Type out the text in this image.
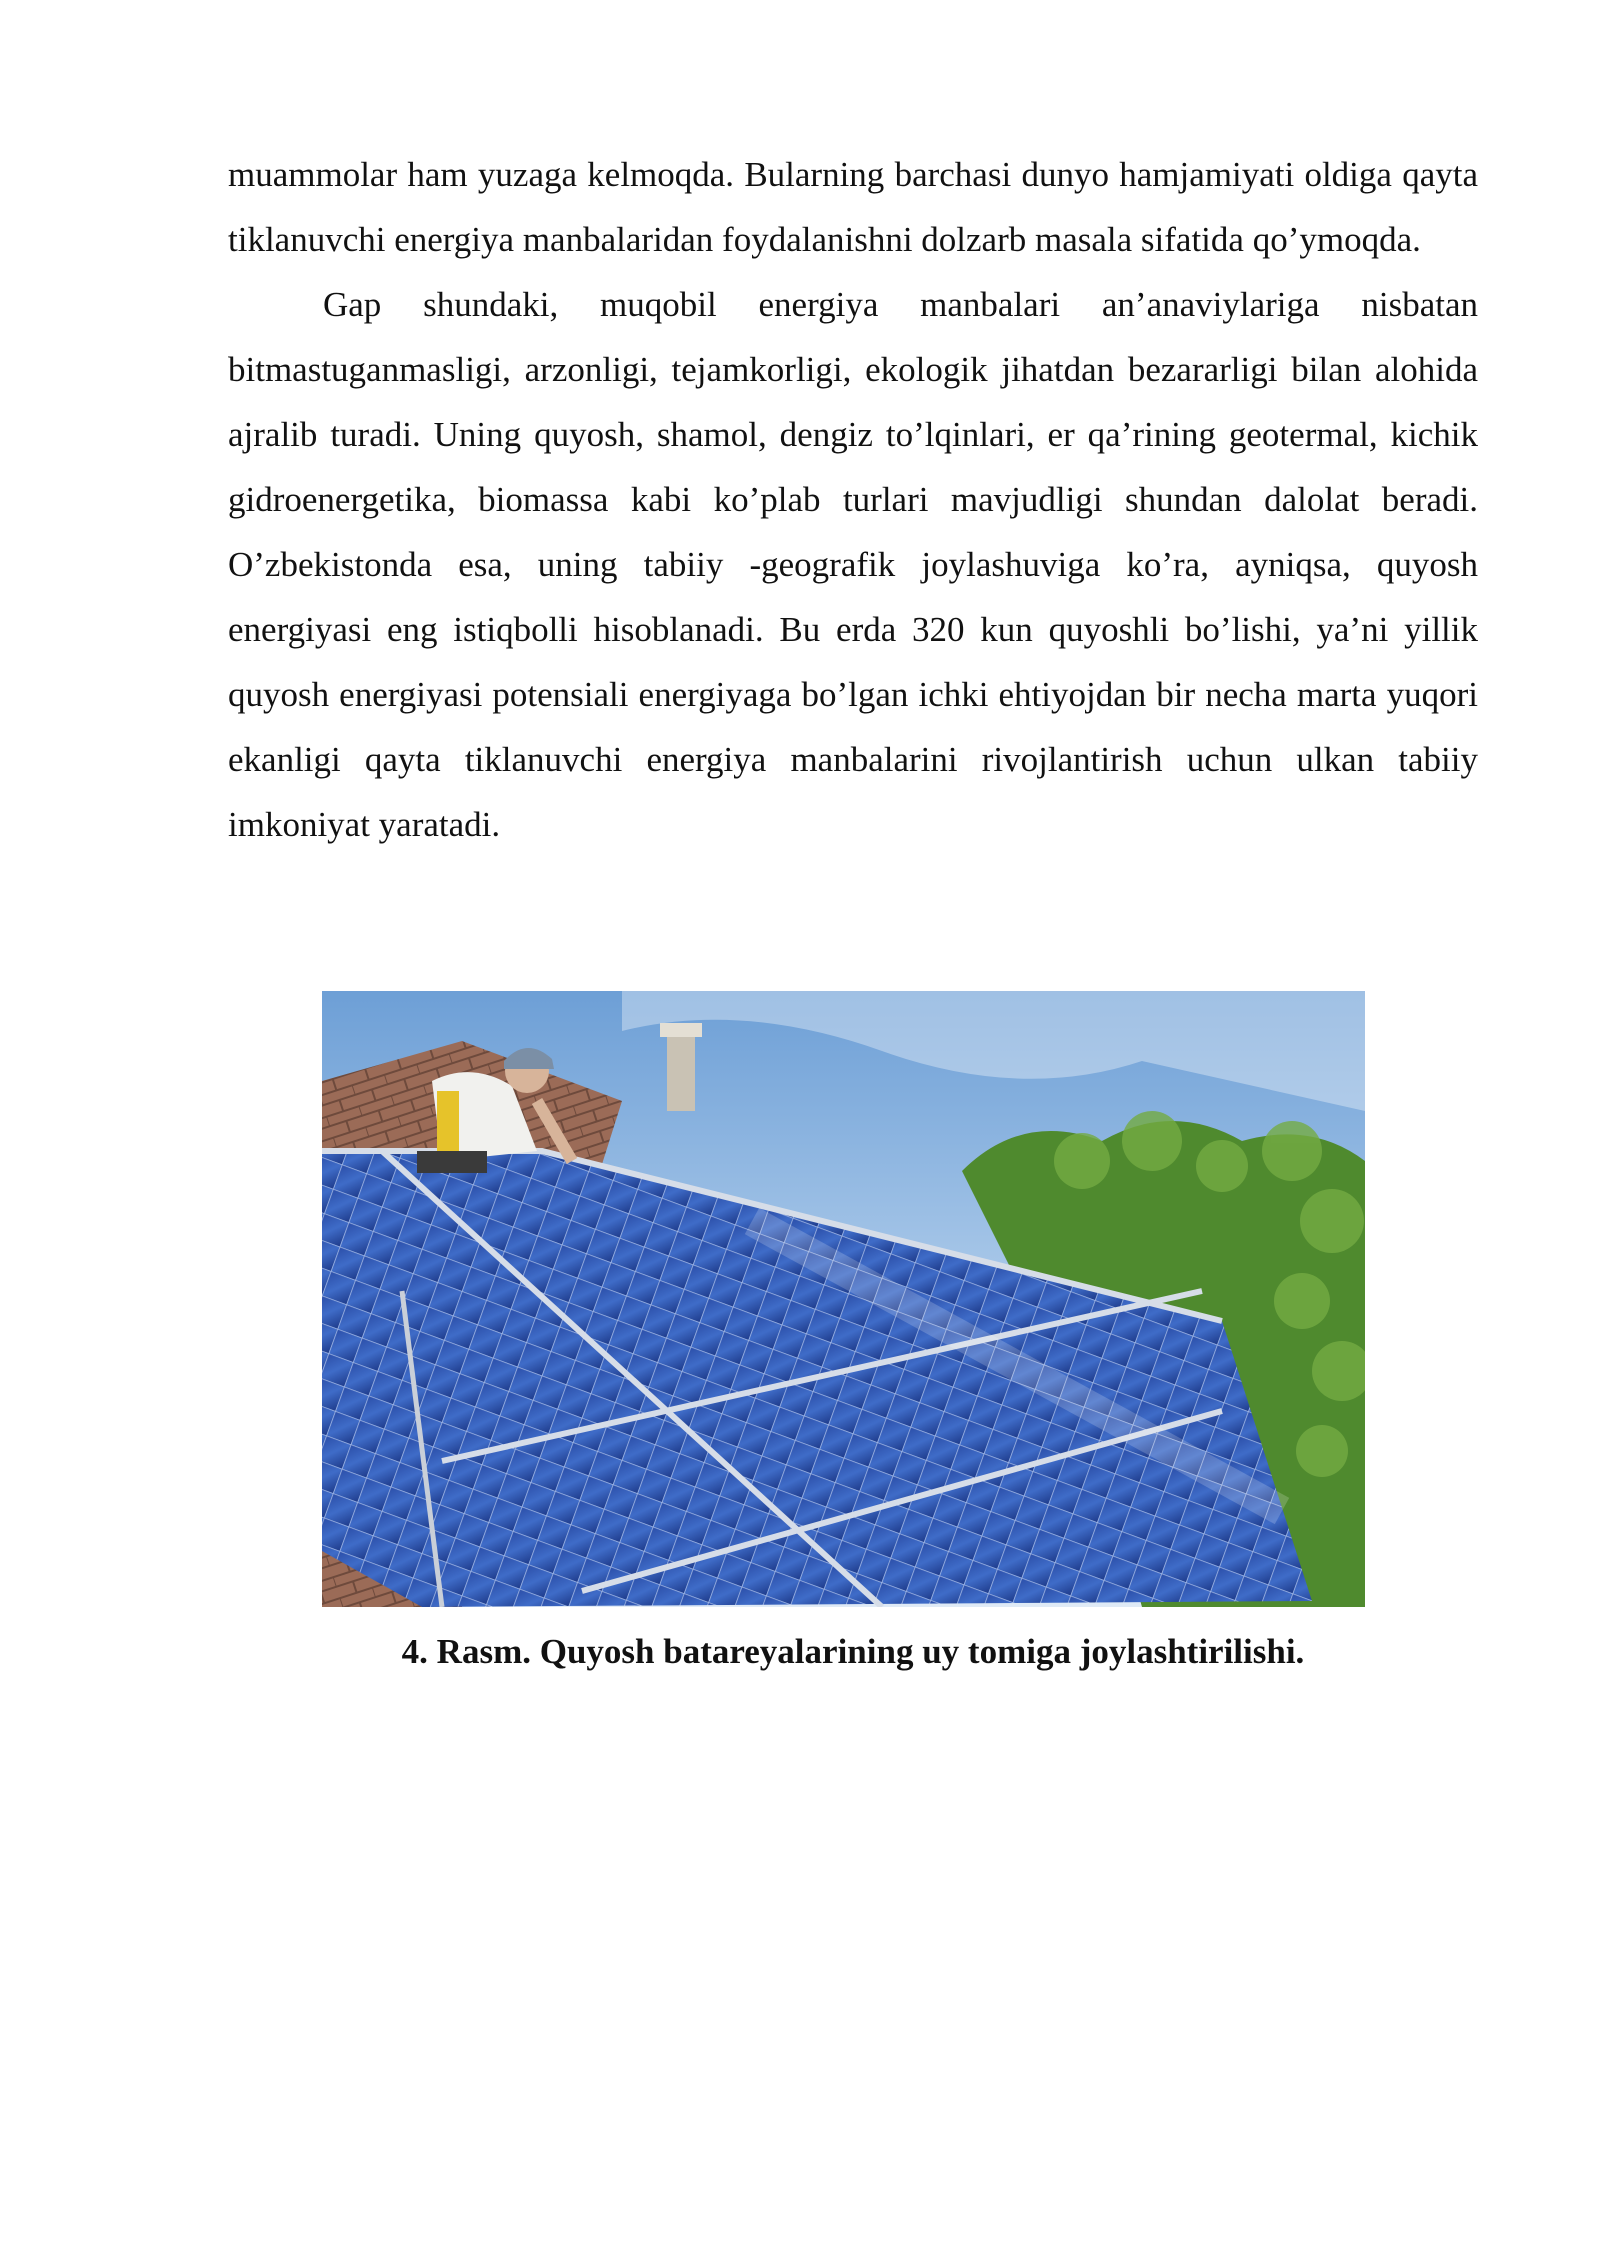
muammolar ham yuzaga kelmoqda. Bularning barchasi dunyo hamjamiyati oldiga qayta tiklanuvchi energiya manbalaridan foydalanishni dolzarb masala sifatida qo’ymoqda.

Gap shundaki, muqobil energiya manbalari an’anaviylariga nisbatan bitmastuganmasligi, arzonligi, tejamkorligi, ekologik jihatdan bezararligi bilan alohida ajralib turadi. Uning quyosh, shamol, dengiz to’lqinlari, er qa’rining geotermal, kichik gidroenergetika, biomassa kabi ko’plab turlari mavjudligi shundan dalolat beradi. O’zbekistonda esa, uning tabiiy -geografik joylashuviga ko’ra, ayniqsa, quyosh energiyasi eng istiqbolli hisoblanadi. Bu erda 320 kun quyoshli bo’lishi, ya’ni yillik quyosh energiyasi potensiali energiyaga bo’lgan ichki ehtiyojdan bir necha marta yuqori ekanligi qayta tiklanuvchi energiya manbalarini rivojlantirish uchun ulkan tabiiy imkoniyat yaratadi.

4. Rasm. Quyosh batareyalarining uy tomiga joylashtirilishi.
